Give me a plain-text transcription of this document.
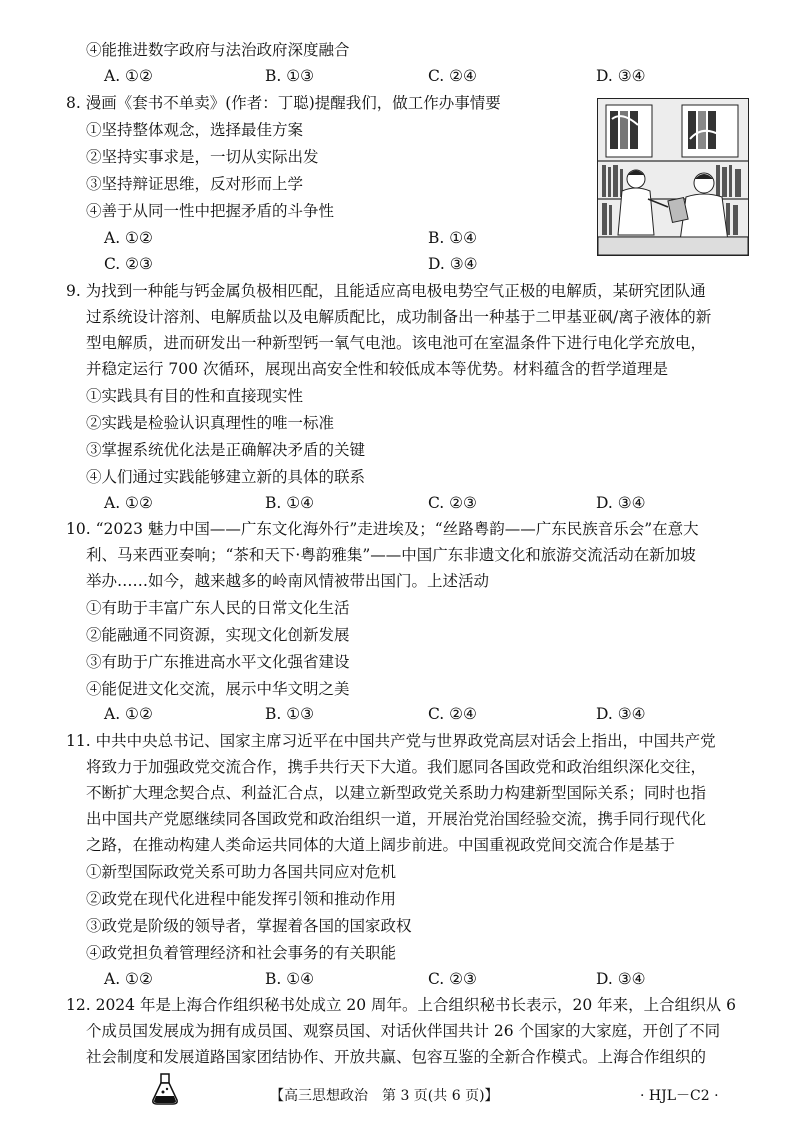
④能推进数字政府与法治政府深度融合
A. ①②	B. ①③	C. ②④	D. ③④
8. 漫画《套书不单卖》(作者：丁聪)提醒我们，做工作办事情要
①坚持整体观念，选择最佳方案
②坚持实事求是，一切从实际出发
③坚持辩证思维，反对形而上学
④善于从同一性中把握矛盾的斗争性
A. ①②	B. ①④
C. ②③	D. ③④
9. 为找到一种能与钙金属负极相匹配，且能适应高电极电势空气正极的电解质，某研究团队通
过系统设计溶剂、电解质盐以及电解质配比，成功制备出一种基于二甲基亚砜/离子液体的新
型电解质，进而研发出一种新型钙一氧气电池。该电池可在室温条件下进行电化学充放电，
并稳定运行 700 次循环，展现出高安全性和较低成本等优势。材料蕴含的哲学道理是
①实践具有目的性和直接现实性
②实践是检验认识真理性的唯一标准
③掌握系统优化法是正确解决矛盾的关键
④人们通过实践能够建立新的具体的联系
A. ①②	B. ①④	C. ②③	D. ③④
10. “2023 魅力中国——广东文化海外行”走进埃及；“丝路粤韵——广东民族音乐会”在意大
利、马来西亚奏响；“茶和天下·粤韵雅集”——中国广东非遗文化和旅游交流活动在新加坡
举办……如今，越来越多的岭南风情被带出国门。上述活动
①有助于丰富广东人民的日常文化生活
②能融通不同资源，实现文化创新发展
③有助于广东推进高水平文化强省建设
④能促进文化交流，展示中华文明之美
A. ①②	B. ①③	C. ②④	D. ③④
11. 中共中央总书记、国家主席习近平在中国共产党与世界政党高层对话会上指出，中国共产党
将致力于加强政党交流合作，携手共行天下大道。我们愿同各国政党和政治组织深化交往，
不断扩大理念契合点、利益汇合点，以建立新型政党关系助力构建新型国际关系；同时也指
出中国共产党愿继续同各国政党和政治组织一道，开展治党治国经验交流，携手同行现代化
之路，在推动构建人类命运共同体的大道上阔步前进。中国重视政党间交流合作是基于
①新型国际政党关系可助力各国共同应对危机
②政党在现代化进程中能发挥引领和推动作用
③政党是阶级的领导者，掌握着各国的国家政权
④政党担负着管理经济和社会事务的有关职能
A. ①②	B. ①④	C. ②③	D. ③④
12. 2024 年是上海合作组织秘书处成立 20 周年。上合组织秘书长表示，20 年来，上合组织从 6
个成员国发展成为拥有成员国、观察员国、对话伙伴国共计 26 个国家的大家庭，开创了不同
社会制度和发展道路国家团结协作、开放共赢、包容互鉴的全新合作模式。上海合作组织的
【高三思想政治　第 3 页(共 6 页)】	· HJL－C2 ·
